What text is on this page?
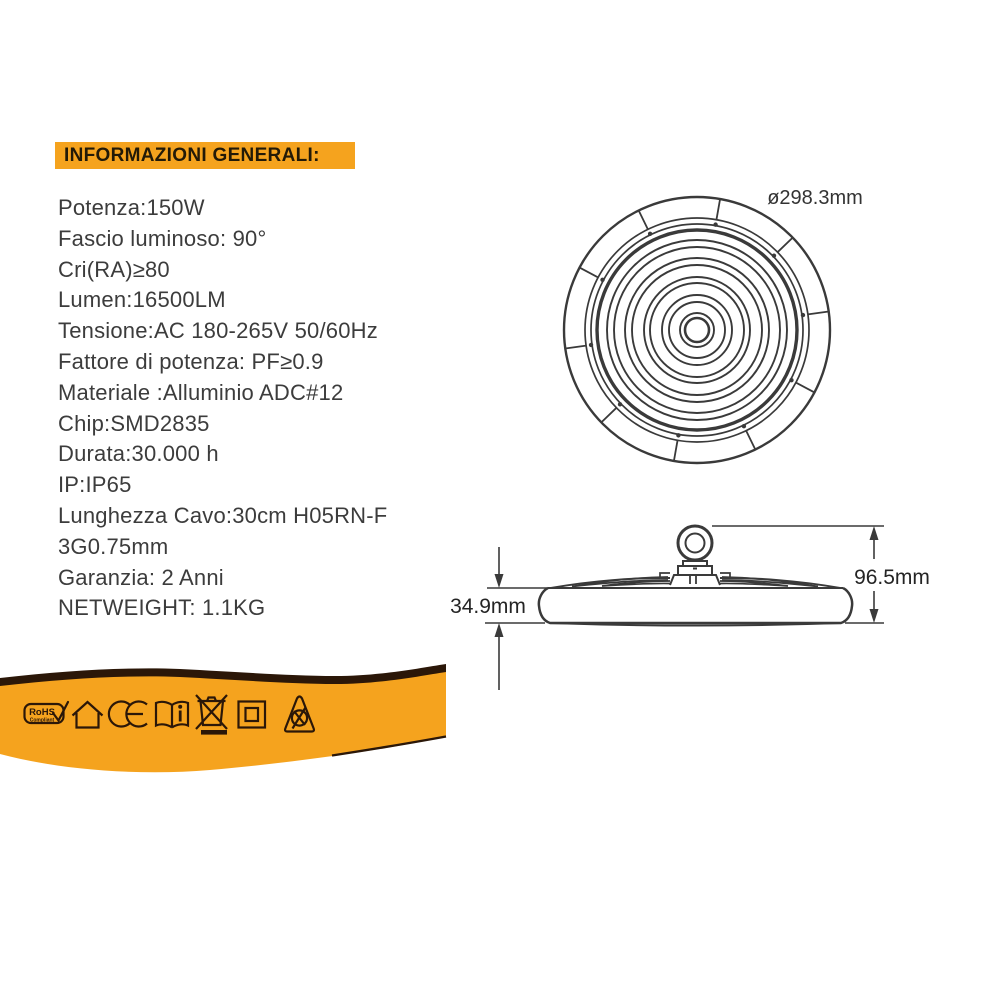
INFORMAZIONI GENERALI:
Potenza:150W
Fascio luminoso: 90°
Cri(RA)≥80
Lumen:16500LM
Tensione:AC 180-265V 50/60Hz
Fattore di potenza: PF≥0.9
Materiale :Alluminio ADC#12
Chip:SMD2835
Durata:30.000 h
IP:IP65
Lunghezza Cavo:30cm H05RN-F
3G0.75mm
Garanzia: 2 Anni
NETWEIGHT: 1.1KG
ø298.3mm
34.9mm
96.5mm
RoHS
Compliant
